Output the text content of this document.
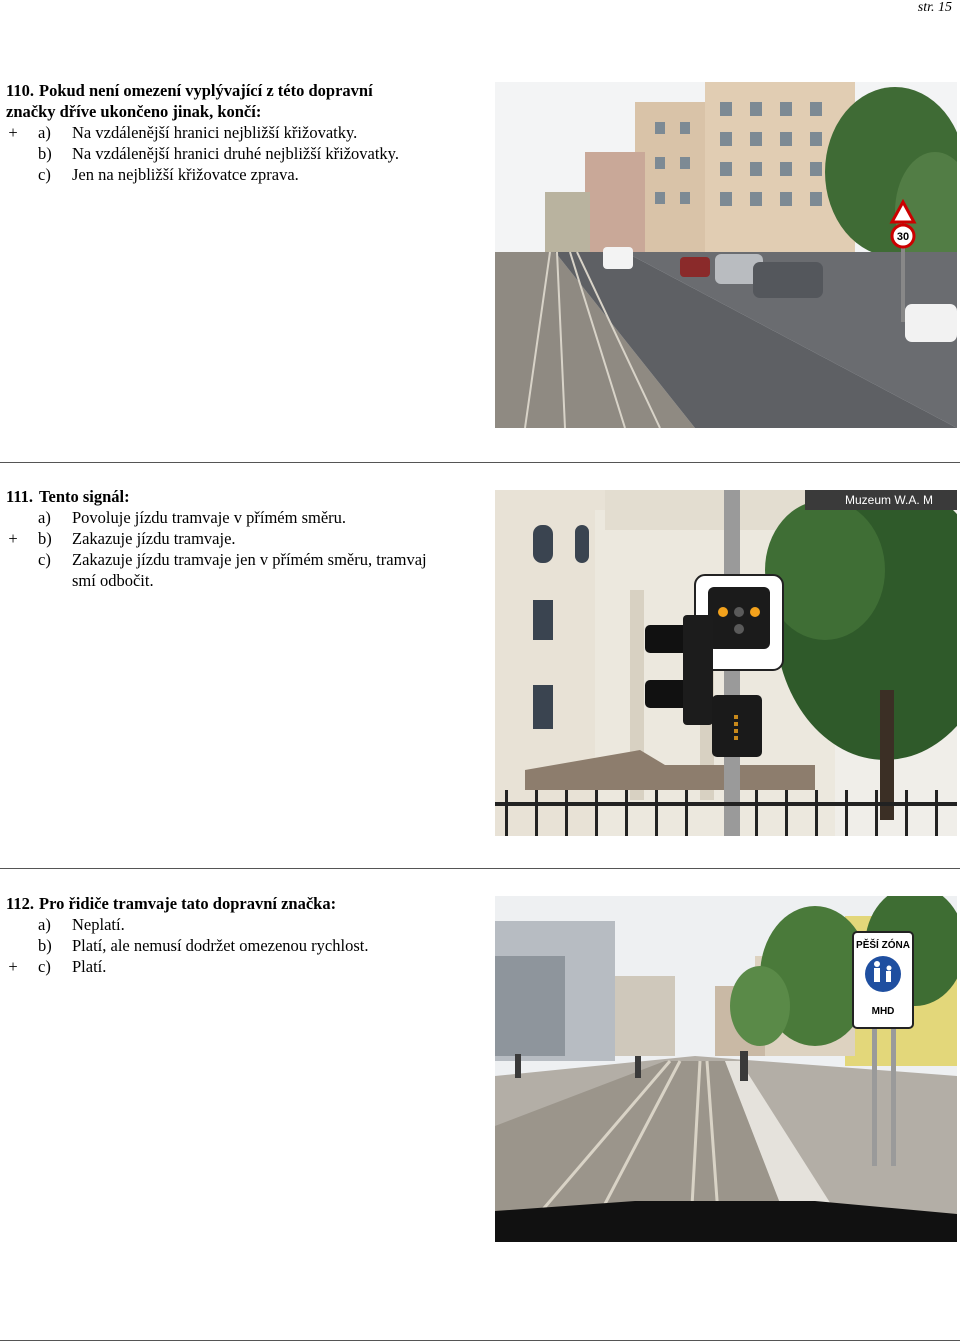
str. 15
110. Pokud není omezení vyplývající z této dopravní
značky dříve ukončeno jinak, končí:
+ a) Na vzdálenější hranici nejbližší křižovatky.
b) Na vzdálenější hranici druhé nejbližší křižovatky.
c) Jen na nejbližší křižovatce zprava.
30
111. Tento signál:
a) Povoluje jízdu tramvaje v přímém směru.
+ b) Zakazuje jízdu tramvaje.
c) Zakazuje jízdu tramvaje jen v přímém směru, tramvaj
smí odbočit.
Muzeum W.A. M
112. Pro řidiče tramvaje tato dopravní značka:
a) Neplatí.
b) Platí, ale nemusí dodržet omezenou rychlost.
+ c) Platí.
PĚŠÍ ZÓNA
MHD
